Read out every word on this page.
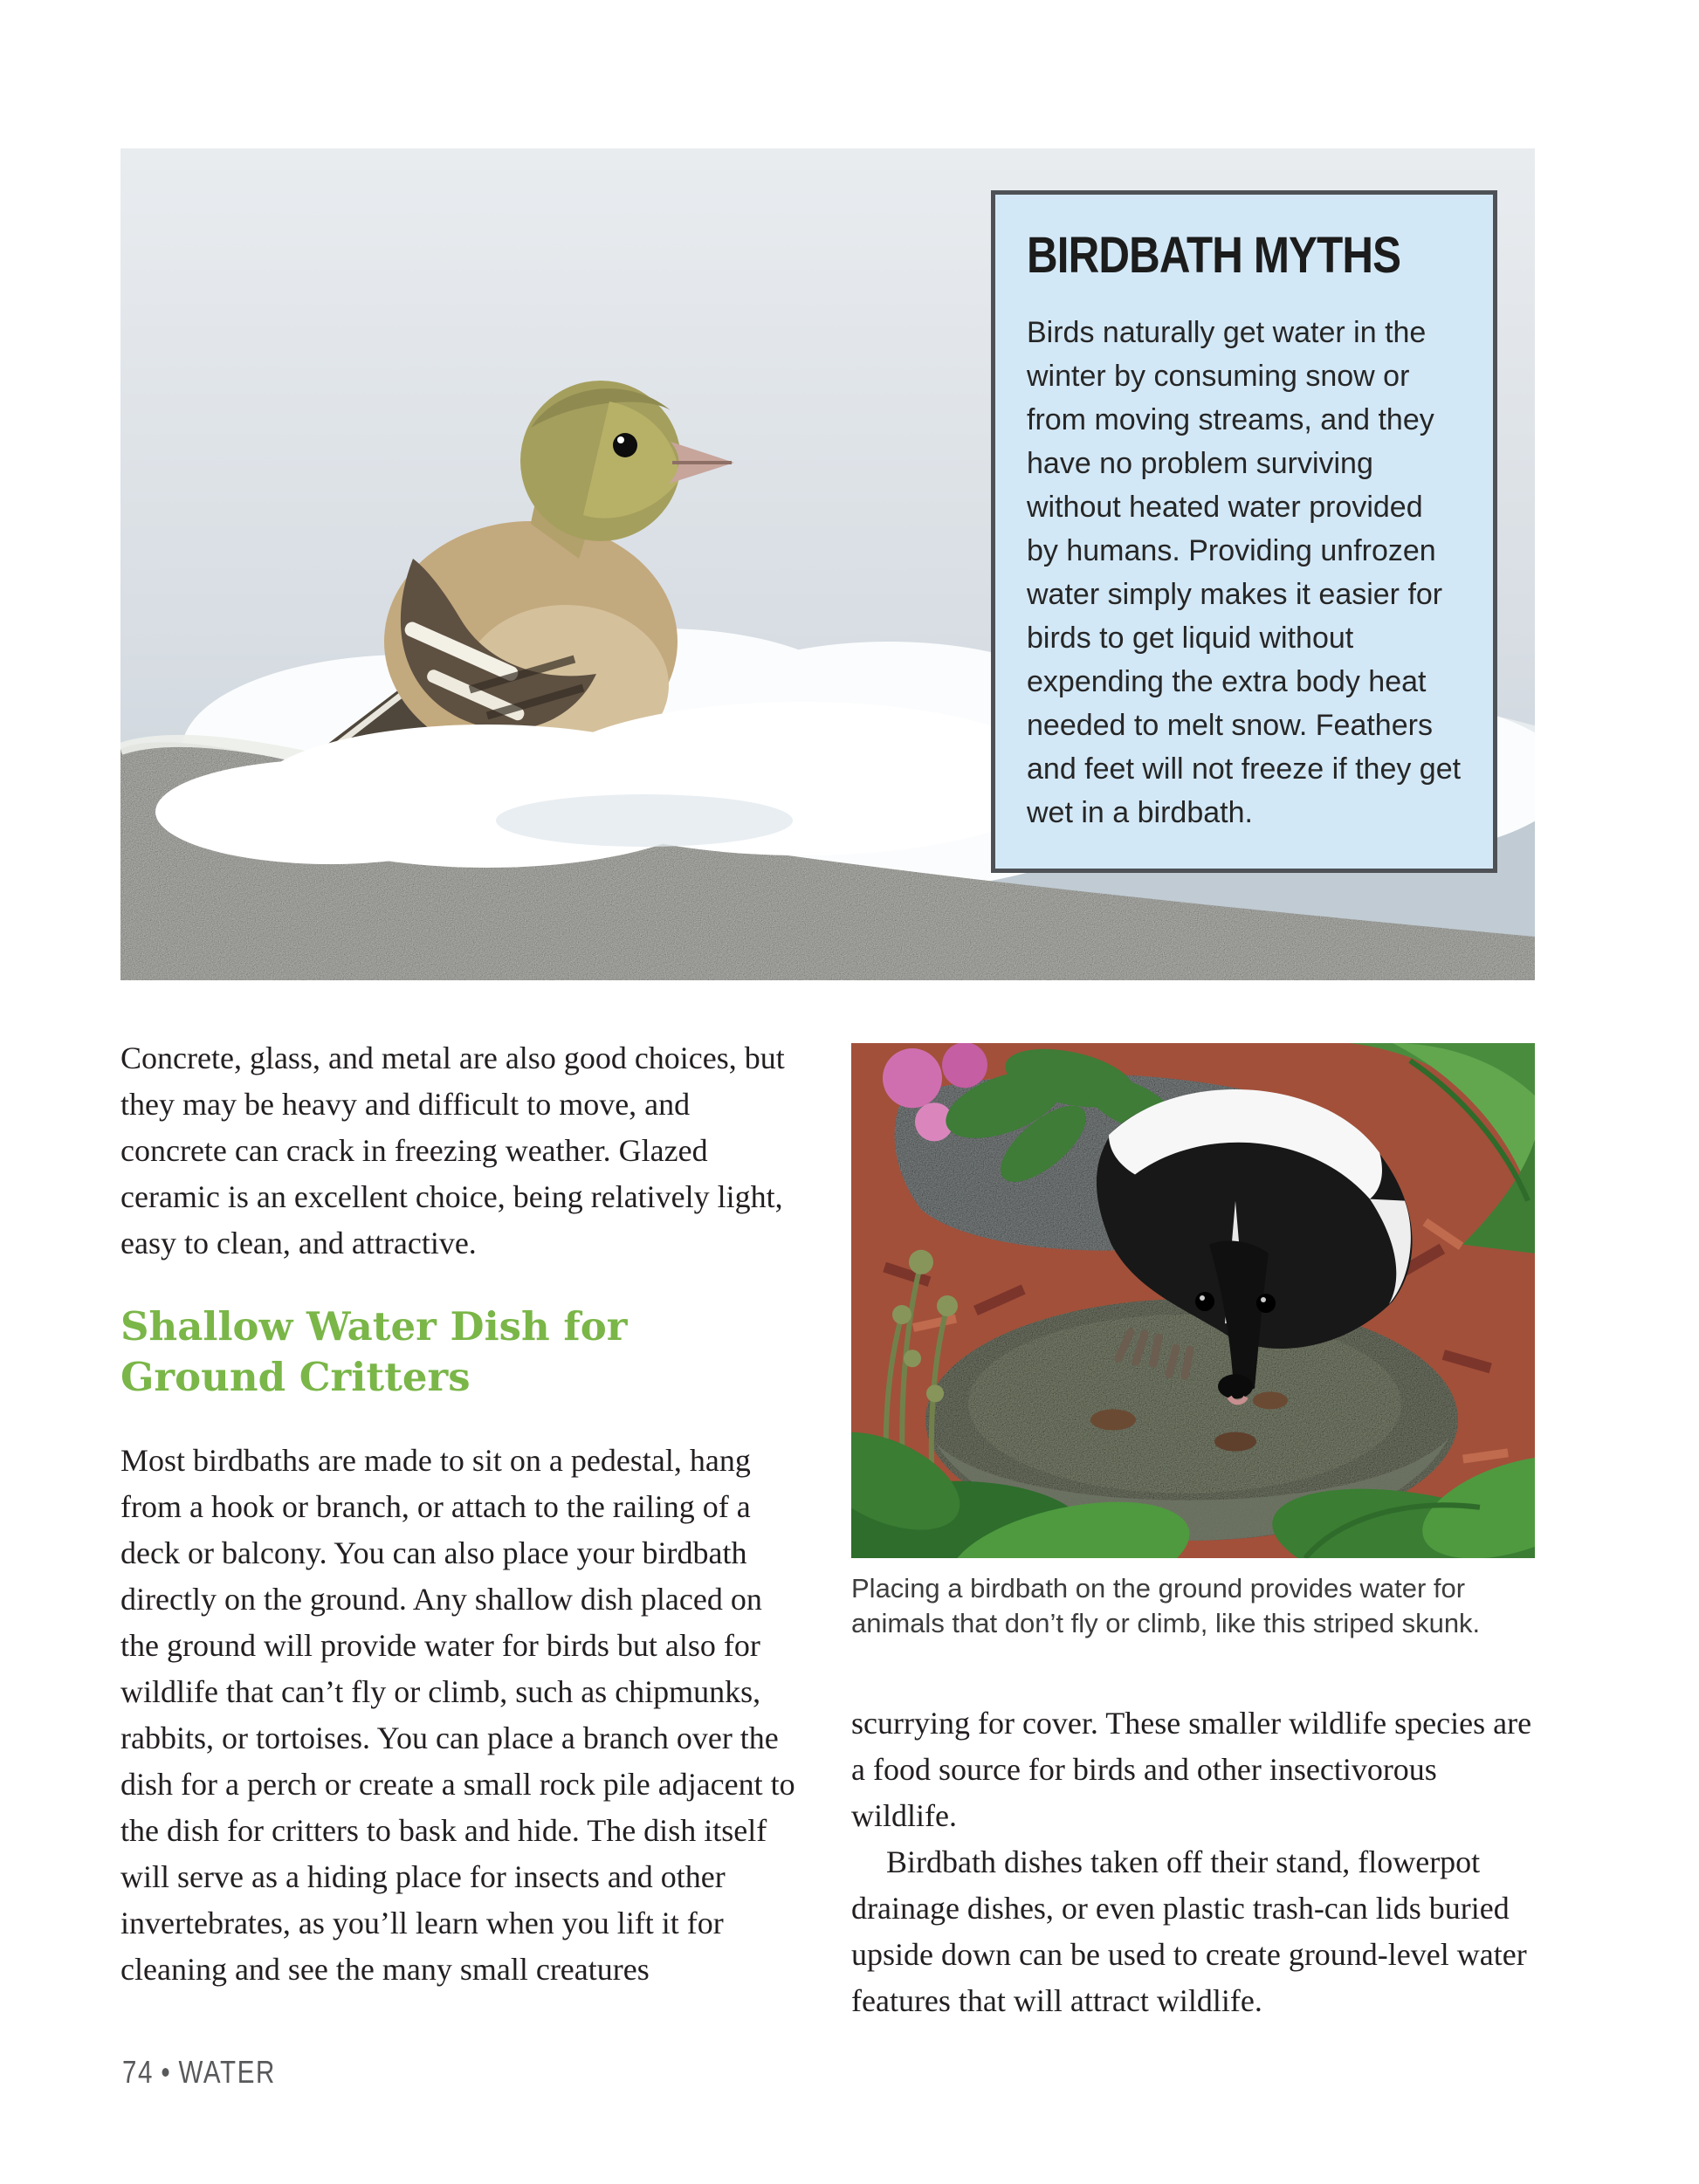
BIRDBATH MYTHS

Birds naturally get water in the winter by consuming snow or from moving streams, and they have no problem surviving without heated water provided by humans. Providing unfrozen water simply makes it easier for birds to get liquid without expending the extra body heat needed to melt snow. Feathers and feet will not freeze if they get wet in a birdbath.

Concrete, glass, and metal are also good choices, but they may be heavy and difficult to move, and concrete can crack in freezing weather. Glazed ceramic is an excellent choice, being relatively light, easy to clean, and attractive.

Shallow Water Dish for Ground Critters

Most birdbaths are made to sit on a pedestal, hang from a hook or branch, or attach to the railing of a deck or balcony. You can also place your birdbath directly on the ground. Any shallow dish placed on the ground will provide water for birds but also for wildlife that can’t fly or climb, such as chipmunks, rabbits, or tortoises. You can place a branch over the dish for a perch or create a small rock pile adjacent to the dish for critters to bask and hide. The dish itself will serve as a hiding place for insects and other invertebrates, as you’ll learn when you lift it for cleaning and see the many small creatures

Placing a birdbath on the ground provides water for animals that don’t fly or climb, like this striped skunk.

scurrying for cover. These smaller wildlife species are a food source for birds and other insectivorous wildlife.

Birdbath dishes taken off their stand, flowerpot drainage dishes, or even plastic trash-can lids buried upside down can be used to create ground-level water features that will attract wildlife.

74 • WATER
